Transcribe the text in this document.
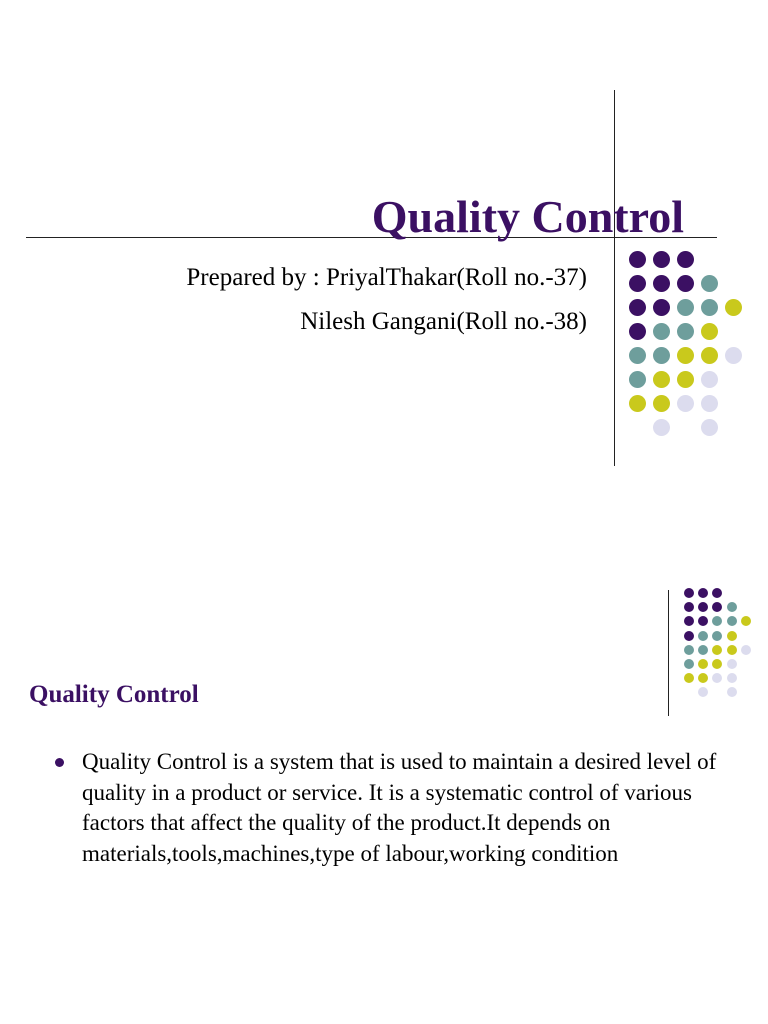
Quality Control
Prepared by : PriyalThakar(Roll no.-37)
Nilesh Gangani(Roll no.-38)
Quality Control
Quality Control is a system that is used to maintain a desired level of quality in a product or service. It is a systematic control of various factors that affect the quality of the product.It depends on materials,tools,machines,type of labour,working condition
